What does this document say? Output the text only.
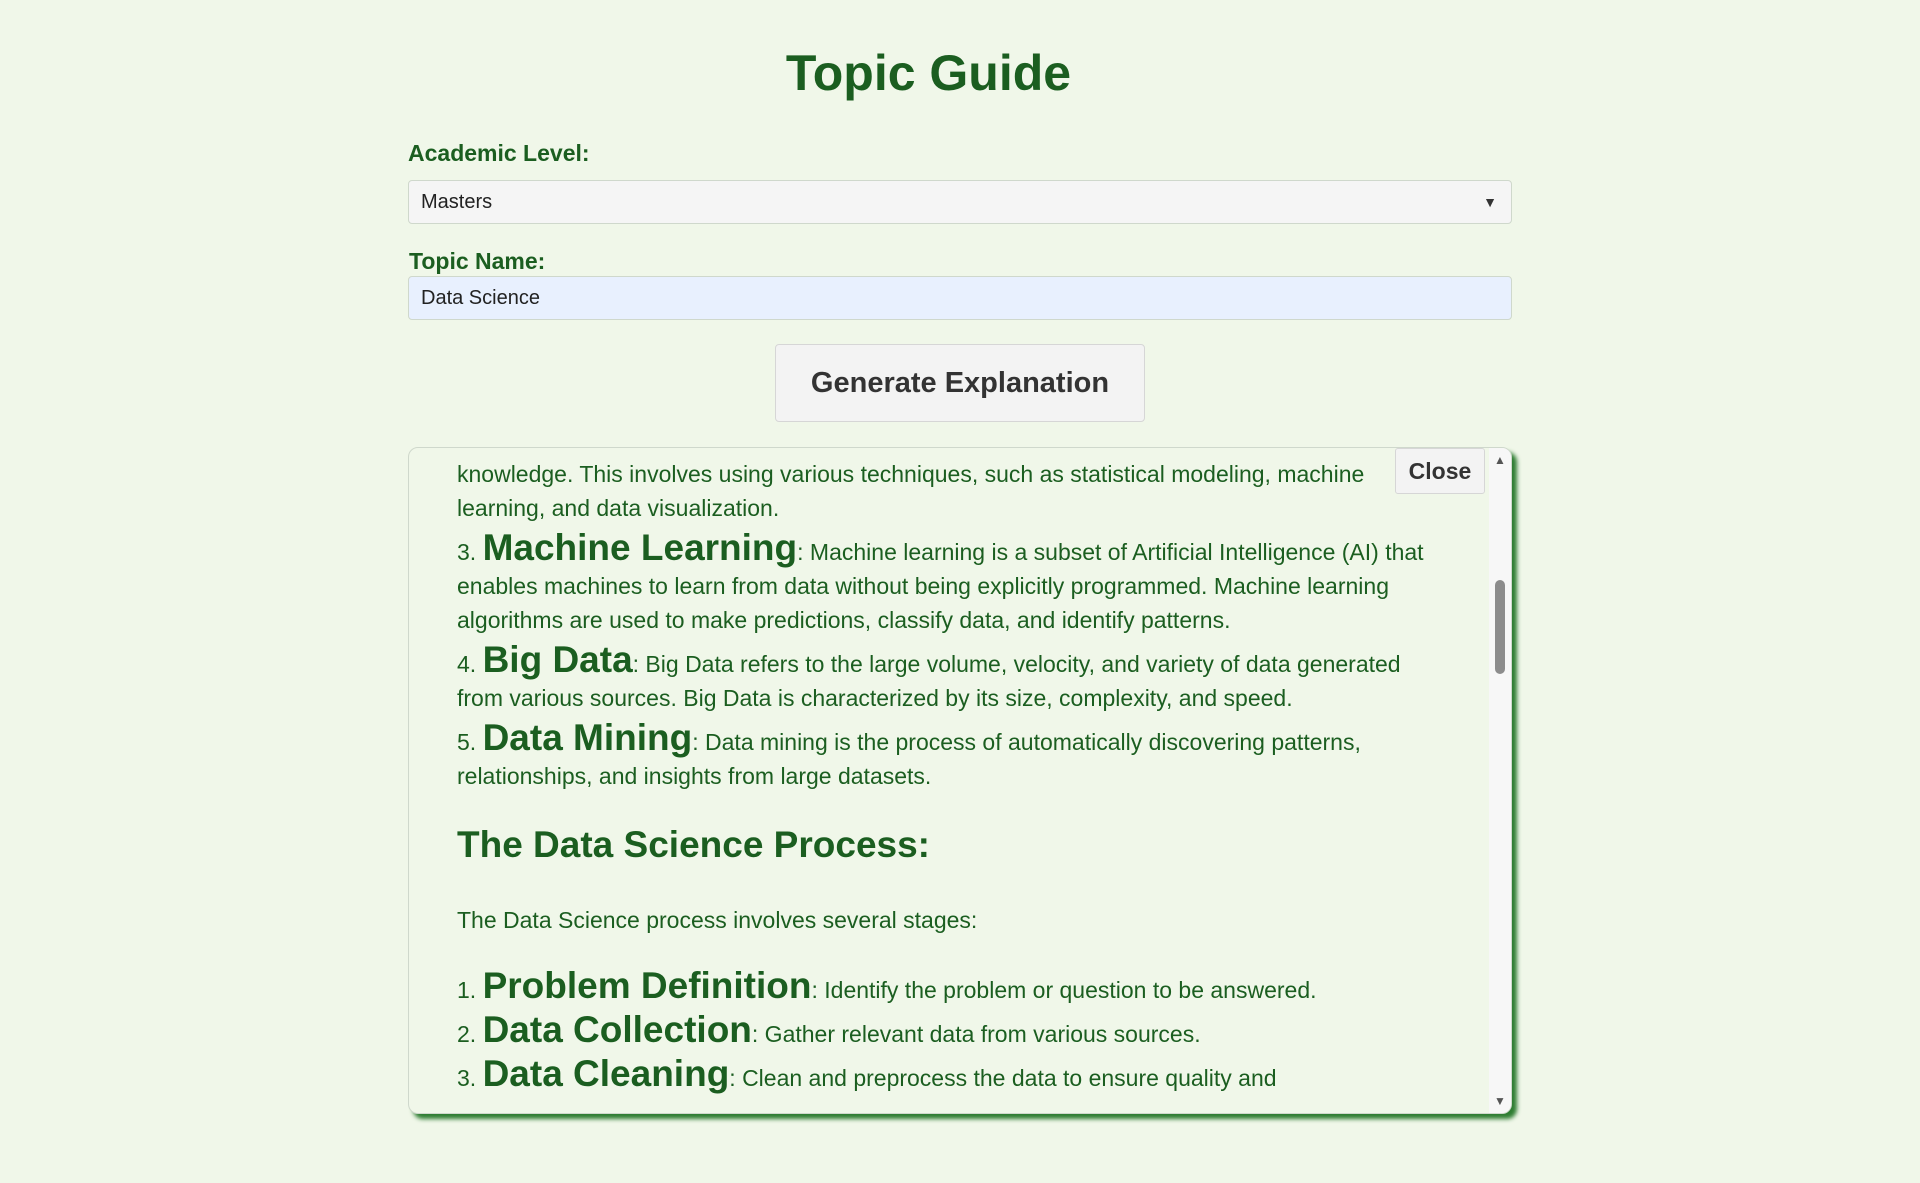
Topic Guide
Academic Level:
Masters	▼
Topic Name:
Data Science
Generate Explanation

knowledge. This involves using various techniques, such as statistical modeling, machine learning, and data visualization.

3. Machine Learning: Machine learning is a subset of Artificial Intelligence (AI) that enables machines to learn from data without being explicitly programmed. Machine learning algorithms are used to make predictions, classify data, and identify patterns.
4. Big Data: Big Data refers to the large volume, velocity, and variety of data generated from various sources. Big Data is characterized by its size, complexity, and speed.
5. Data Mining: Data mining is the process of automatically discovering patterns, relationships, and insights from large datasets.
The Data Science Process:

The Data Science process involves several stages:

1. Problem Definition: Identify the problem or question to be answered.
2. Data Collection: Gather relevant data from various sources.
3. Data Cleaning: Clean and preprocess the data to ensure quality and
Close	▲
▼
